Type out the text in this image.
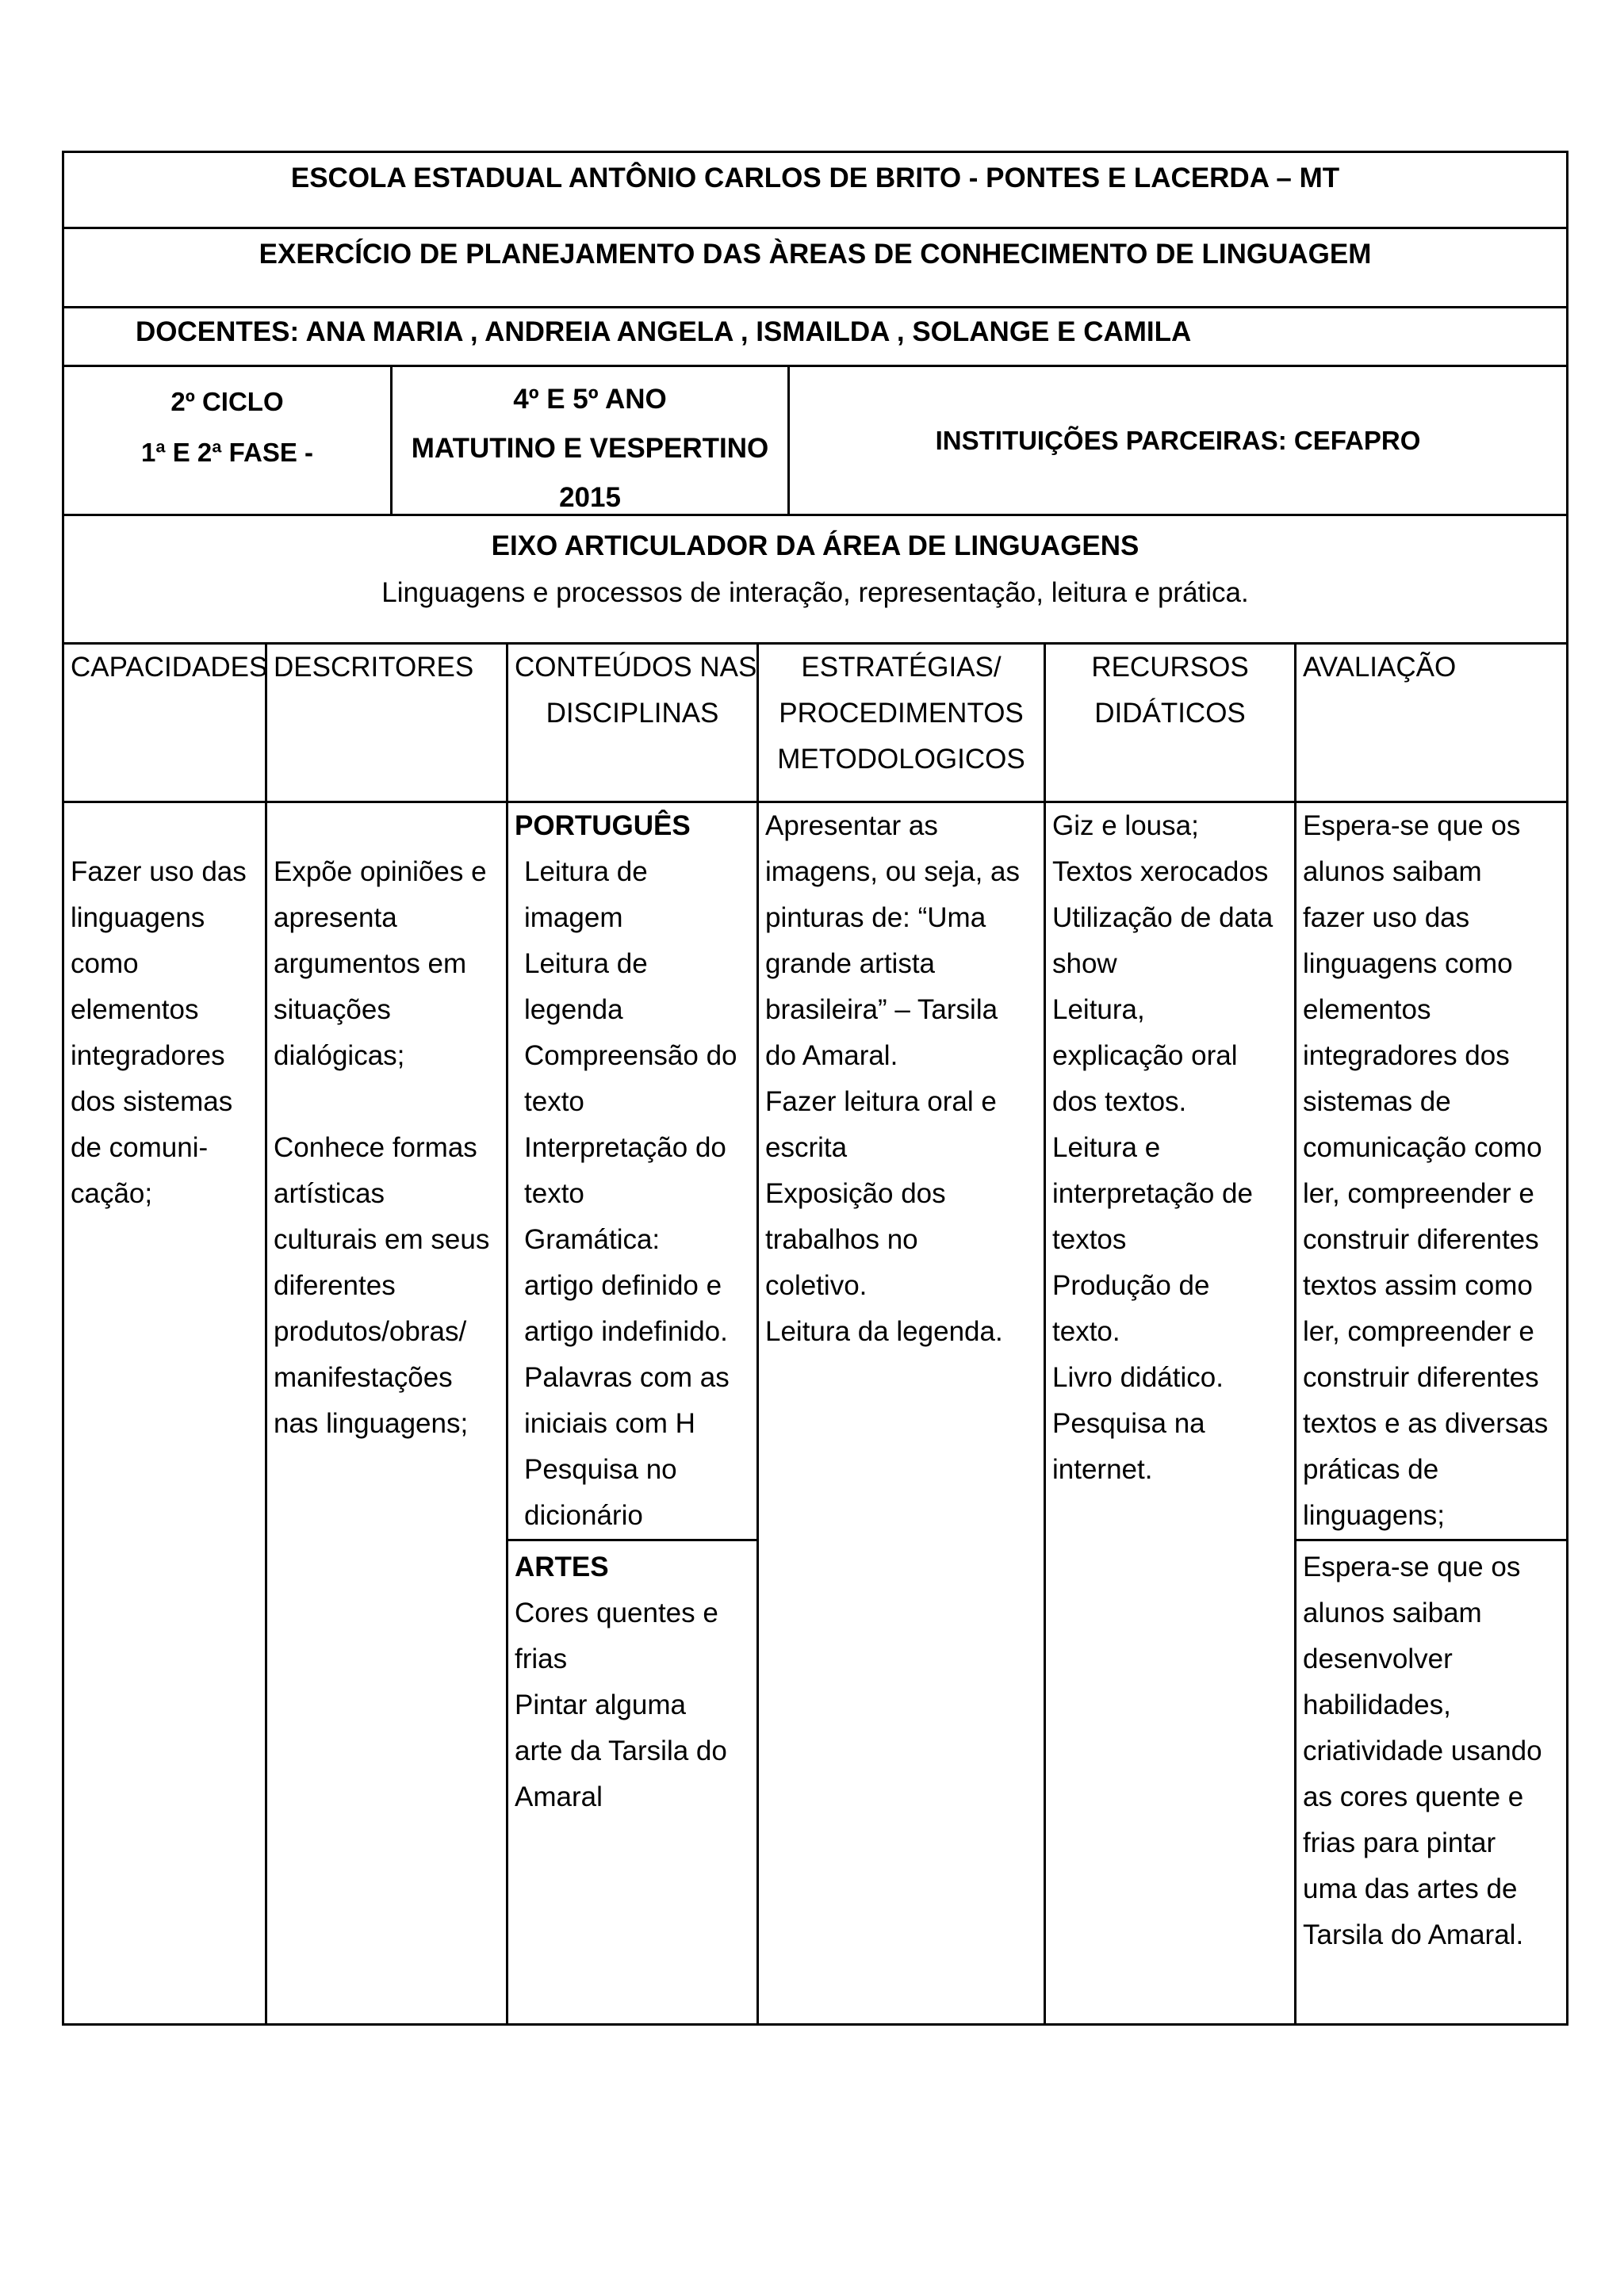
ESCOLA ESTADUAL ANTÔNIO CARLOS DE BRITO - PONTES E LACERDA – MT
EXERCÍCIO DE PLANEJAMENTO DAS ÀREAS DE CONHECIMENTO DE LINGUAGEM
DOCENTES: ANA MARIA , ANDREIA ANGELA , ISMAILDA , SOLANGE E CAMILA
2º CICLO
1ª E 2ª FASE -
4º E 5º ANO
MATUTINO E VESPERTINO
2015
INSTITUIÇÕES PARCEIRAS: CEFAPRO
EIXO ARTICULADOR DA ÁREA DE LINGUAGENS
Linguagens e processos de interação, representação, leitura e prática.
CAPACIDADES DESCRITORES	CONTEÚDOS NAS
DISCIPLINAS
ESTRATÉGIAS/
PROCEDIMENTOS
METODOLOGICOS
RECURSOS
DIDÁTICOS
AVALIAÇÃO
Fazer uso das
linguagens
como
elementos
integradores
dos sistemas
de comuni-
cação;
Expõe opiniões e
apresenta
argumentos em
situações
dialógicas;

Conhece formas
artísticas
culturais em seus
diferentes
produtos/obras/
manifestações
nas linguagens;
PORTUGUÊS
Leitura de
imagem
Leitura de
legenda
Compreensão do
texto
Interpretação do
texto
Gramática:
artigo definido e
artigo indefinido.
Palavras com as
iniciais com H
Pesquisa no
dicionário
ARTES
Cores quentes e
frias
Pintar alguma
arte da Tarsila do
Amaral
Apresentar as
imagens, ou seja, as
pinturas de: “Uma
grande artista
brasileira” – Tarsila
do Amaral.
Fazer leitura oral e
escrita
Exposição dos
trabalhos no
coletivo.
Leitura da legenda.
Giz e lousa;
Textos xerocados
Utilização de data
show
Leitura,
explicação oral
dos textos.
Leitura e
interpretação de
textos
Produção de
texto.
Livro didático.
Pesquisa na
internet.
Espera-se que os
alunos saibam
fazer uso das
linguagens como
elementos
integradores dos
sistemas de
comunicação como
ler, compreender e
construir diferentes
textos assim como
ler, compreender e
construir diferentes
textos e as diversas
práticas de
linguagens;
Espera-se que os
alunos saibam
desenvolver
habilidades,
criatividade usando
as cores quente e
frias para pintar
uma das artes de
Tarsila do Amaral.
